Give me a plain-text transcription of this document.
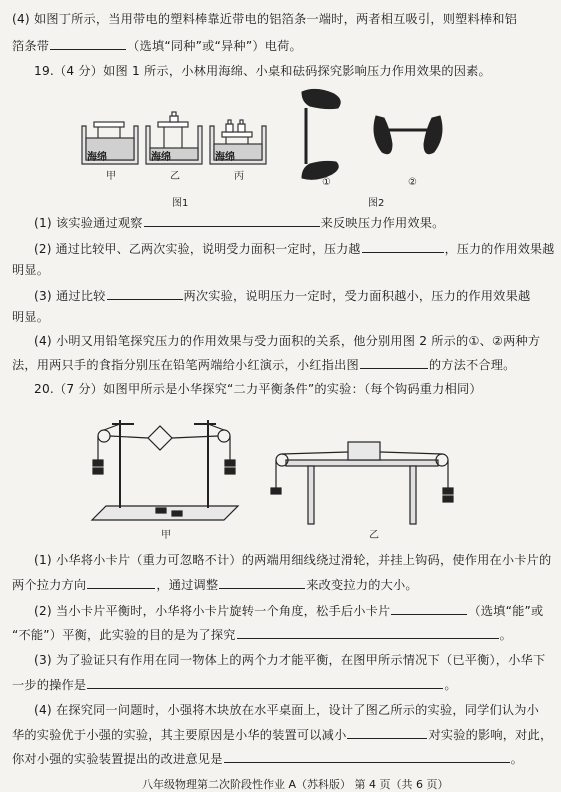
(4) 如图丁所示，当用带电的塑料棒靠近带电的铝箔条一端时，两者相互吸引，则塑料棒和铝
箔条带	（选填“同种”或“异种”）电荷。
19.（4 分）如图 1 所示，小林用海绵、小桌和砝码探究影响压力作用效果的因素。
海绵	海绵	海绵
甲	乙	丙
图1
①	②
图2
(1) 该实验通过观察	来反映压力作用效果。
(2) 通过比较甲、乙两次实验，说明受力面积一定时，压力越	，压力的作用效果越
明显。
(3) 通过比较	两次实验，说明压力一定时，受力面积越小，压力的作用效果越
明显。
(4) 小明又用铅笔探究压力的作用效果与受力面积的关系，他分别用图 2 所示的①、②两种方
法，用两只手的食指分别压在铅笔两端给小红演示，小红指出图	的方法不合理。
20.（7 分）如图甲所示是小华探究“二力平衡条件”的实验：（每个钩码重力相同）
甲	乙
(1) 小华将小卡片（重力可忽略不计）的两端用细线绕过滑轮，并挂上钩码，使作用在小卡片的
两个拉力方向	，通过调整	来改变拉力的大小。
(2) 当小卡片平衡时，小华将小卡片旋转一个角度，松手后小卡片	（选填“能”或
“不能”）平衡，此实验的目的是为了探究	。
(3) 为了验证只有作用在同一物体上的两个力才能平衡，在图甲所示情况下（已平衡），小华下
一步的操作是	。
(4) 在探究同一问题时，小强将木块放在水平桌面上，设计了图乙所示的实验，同学们认为小
华的实验优于小强的实验，其主要原因是小华的装置可以减小	对实验的影响，对此，
你对小强的实验装置提出的改进意见是	。
八年级物理第二次阶段性作业 A（苏科版） 第 4 页（共 6 页）
